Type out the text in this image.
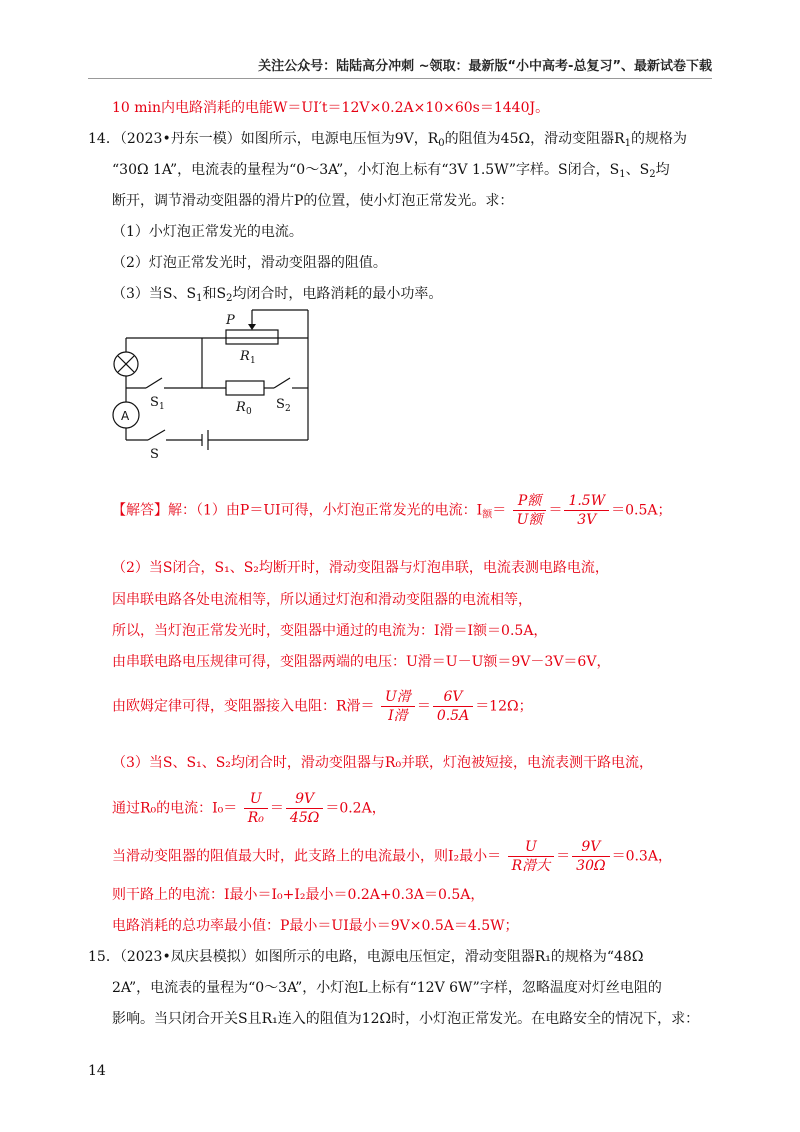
关注公众号：陆陆高分冲刺 ~领取：最新版“小中高考-总复习”、最新试卷下载
10 min内电路消耗的电能W＝UI′t＝12V×0.2A×10×60s＝1440J。
14．（2023•丹东一模）如图所示，电源电压恒为9V，$R_0$的阻值为45Ω，滑动变阻器$R_1$的规格为
“30Ω 1A”，电流表的量程为“0～3A”，小灯泡上标有“3V 1.5W”字样。S闭合，$S_1$、$S_2$均
断开，调节滑动变阻器的滑片P的位置，使小灯泡正常发光。求：
（1）小灯泡正常发光的电流。
（2）灯泡正常发光时，滑动变阻器的阻值。
（3）当S、$S_1$和$S_2$均闭合时，电路消耗的最小功率。
P
R 1
R 0
S 1	S 2
S
A
【解答】解：（1）由P＝UI可得，小灯泡正常发光的电流：$I_额= \frac{\text{P额}}{\text{U额}} = \frac{1.5W}{3V} =0.5A$；
（2）当S闭合，S₁、S₂均断开时，滑动变阻器与灯泡串联，电流表测电路电流，
因串联电路各处电流相等，所以通过灯泡和滑动变阻器的电流相等，
所以，当灯泡正常发光时，变阻器中通过的电流为：I滑＝I额＝0.5A，
由串联电路电压规律可得，变阻器两端的电压：U滑＝U－U额＝9V－3V＝6V，
由欧姆定律可得，变阻器接入电阻：R滑＝ $\frac{\text{U滑}}{\text{I滑}} = \frac{6V}{0.5A} =12\Omega$；
（3）当S、S₁、S₂均闭合时，滑动变阻器与R₀并联，灯泡被短接，电流表测干路电流，
通过R₀的电流：$I_0= \frac{U}{\text{R₀}} = \frac{9V}{45\Omega} =0.2A$，
当滑动变阻器的阻值最大时，此支路上的电流最小，则I₂最小＝ $\frac{U}{\text{R滑大}} = \frac{9V}{30\Omega} =0.3A$，
则干路上的电流：I最小＝I₀+I₂最小＝0.2A+0.3A＝0.5A，
电路消耗的总功率最小值：P最小＝UI最小＝9V×0.5A＝4.5W；
15．（2023•凤庆县模拟）如图所示的电路，电源电压恒定，滑动变阻器R₁的规格为“48Ω
2A”，电流表的量程为“0～3A”，小灯泡L上标有“12V 6W”字样，忽略温度对灯丝电阻的
影响。当只闭合开关S且R₁连入的阻值为12Ω时，小灯泡正常发光。在电路安全的情况下，求：
14
